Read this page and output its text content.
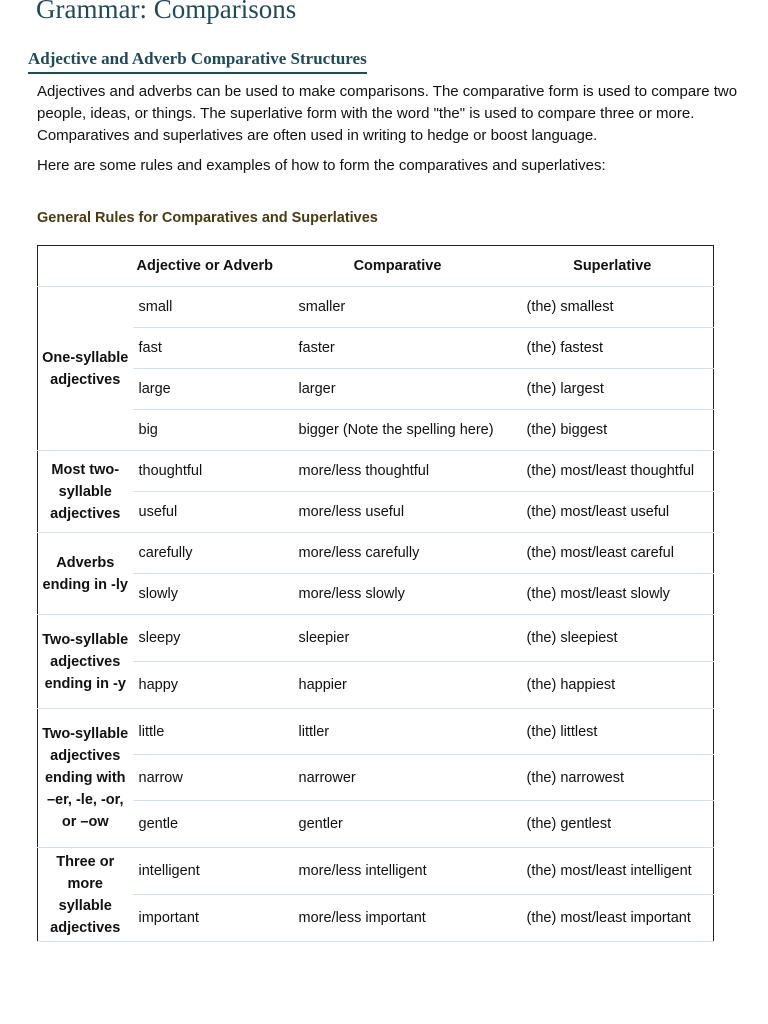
Grammar: Comparisons
Adjective and Adverb Comparative Structures

Adjectives and adverbs can be used to make comparisons. The comparative form is used to compare two people, ideas, or things. The superlative form with the word "the" is used to compare three or more. Comparatives and superlatives are often used in writing to hedge or boost language.

Here are some rules and examples of how to form the comparatives and superlatives:

General Rules for Comparatives and Superlatives
	Adjective or Adverb	Comparative	Superlative
One-syllable adjectives	small	smaller	(the) smallest
	fast	faster	(the) fastest
	large	larger	(the) largest
	big	bigger (Note the spelling here)	(the) biggest
Most two-syllable adjectives	thoughtful	more/less thoughtful	(the) most/least thoughtful
	useful	more/less useful	(the) most/least useful
Adverbs ending in -ly	carefully	more/less carefully	(the) most/least careful
	slowly	more/less slowly	(the) most/least slowly
Two-syllable adjectives ending in -y	sleepy	sleepier	(the) sleepiest
	happy	happier	(the) happiest
Two-syllable adjectives ending with –er, -le, -or, or –ow	little	littler	(the) littlest
	narrow	narrower	(the) narrowest
	gentle	gentler	(the) gentlest
Three or more syllable adjectives	intelligent	more/less intelligent	(the) most/least intelligent
	important	more/less important	(the) most/least important
